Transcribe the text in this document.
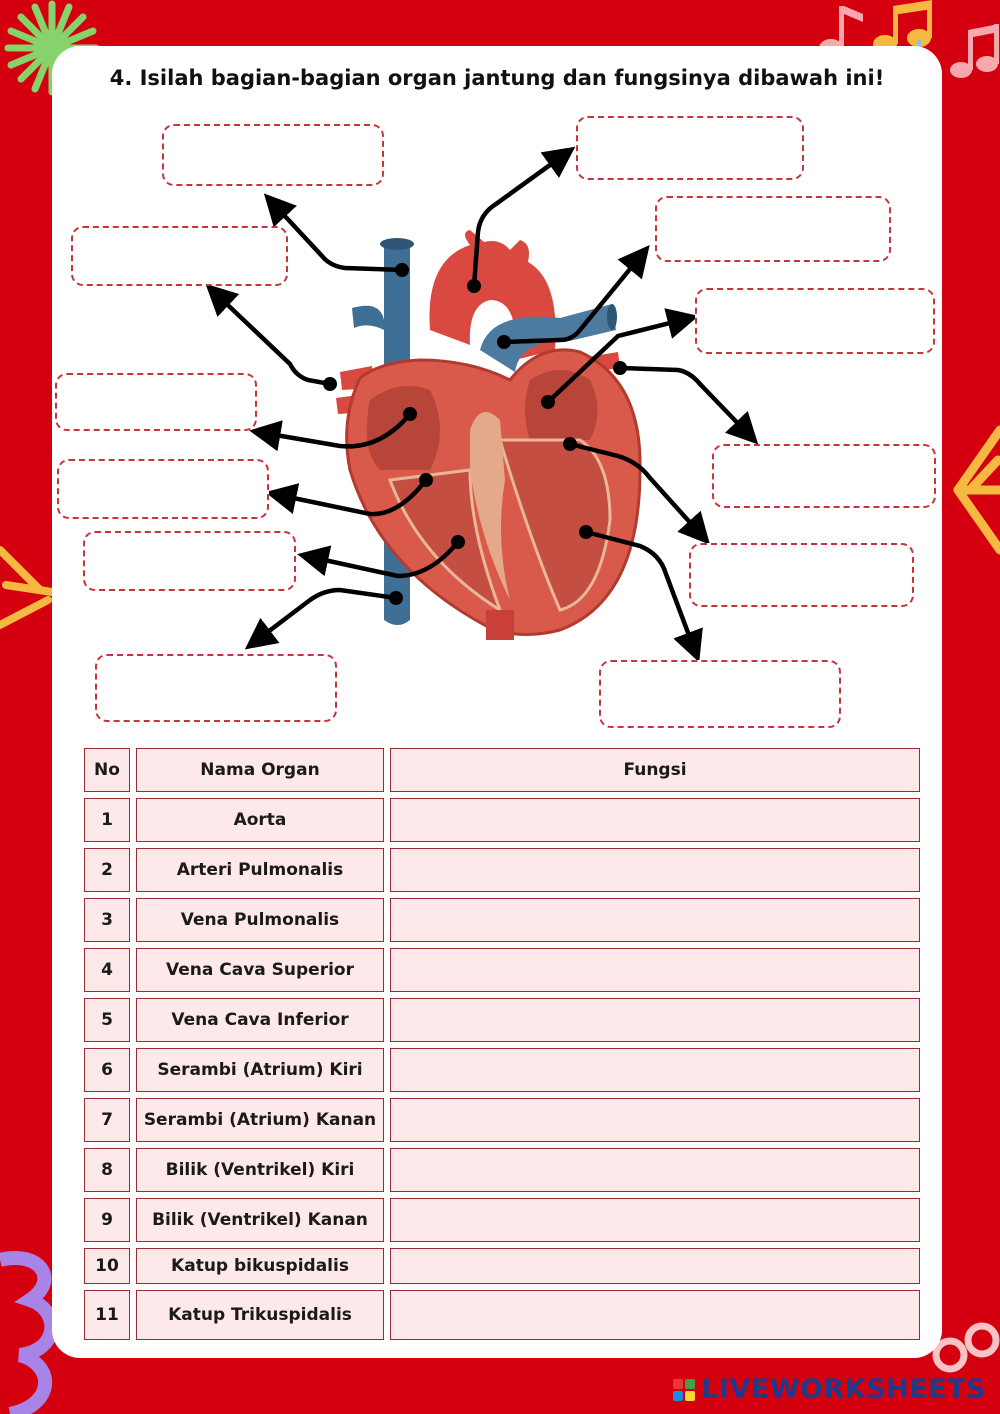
4. Isilah bagian-bagian organ jantung dan fungsinya dibawah ini!
No	Nama Organ	Fungsi
1	Aorta	
2	Arteri Pulmonalis	
3	Vena Pulmonalis	
4	Vena Cava Superior	
5	Vena Cava Inferior	
6	Serambi (Atrium) Kiri	
7	Serambi (Atrium) Kanan	
8	Bilik (Ventrikel) Kiri	
9	Bilik (Ventrikel) Kanan	
10	Katup bikuspidalis	
11	Katup Trikuspidalis	
LIVEWORKSHEETS
